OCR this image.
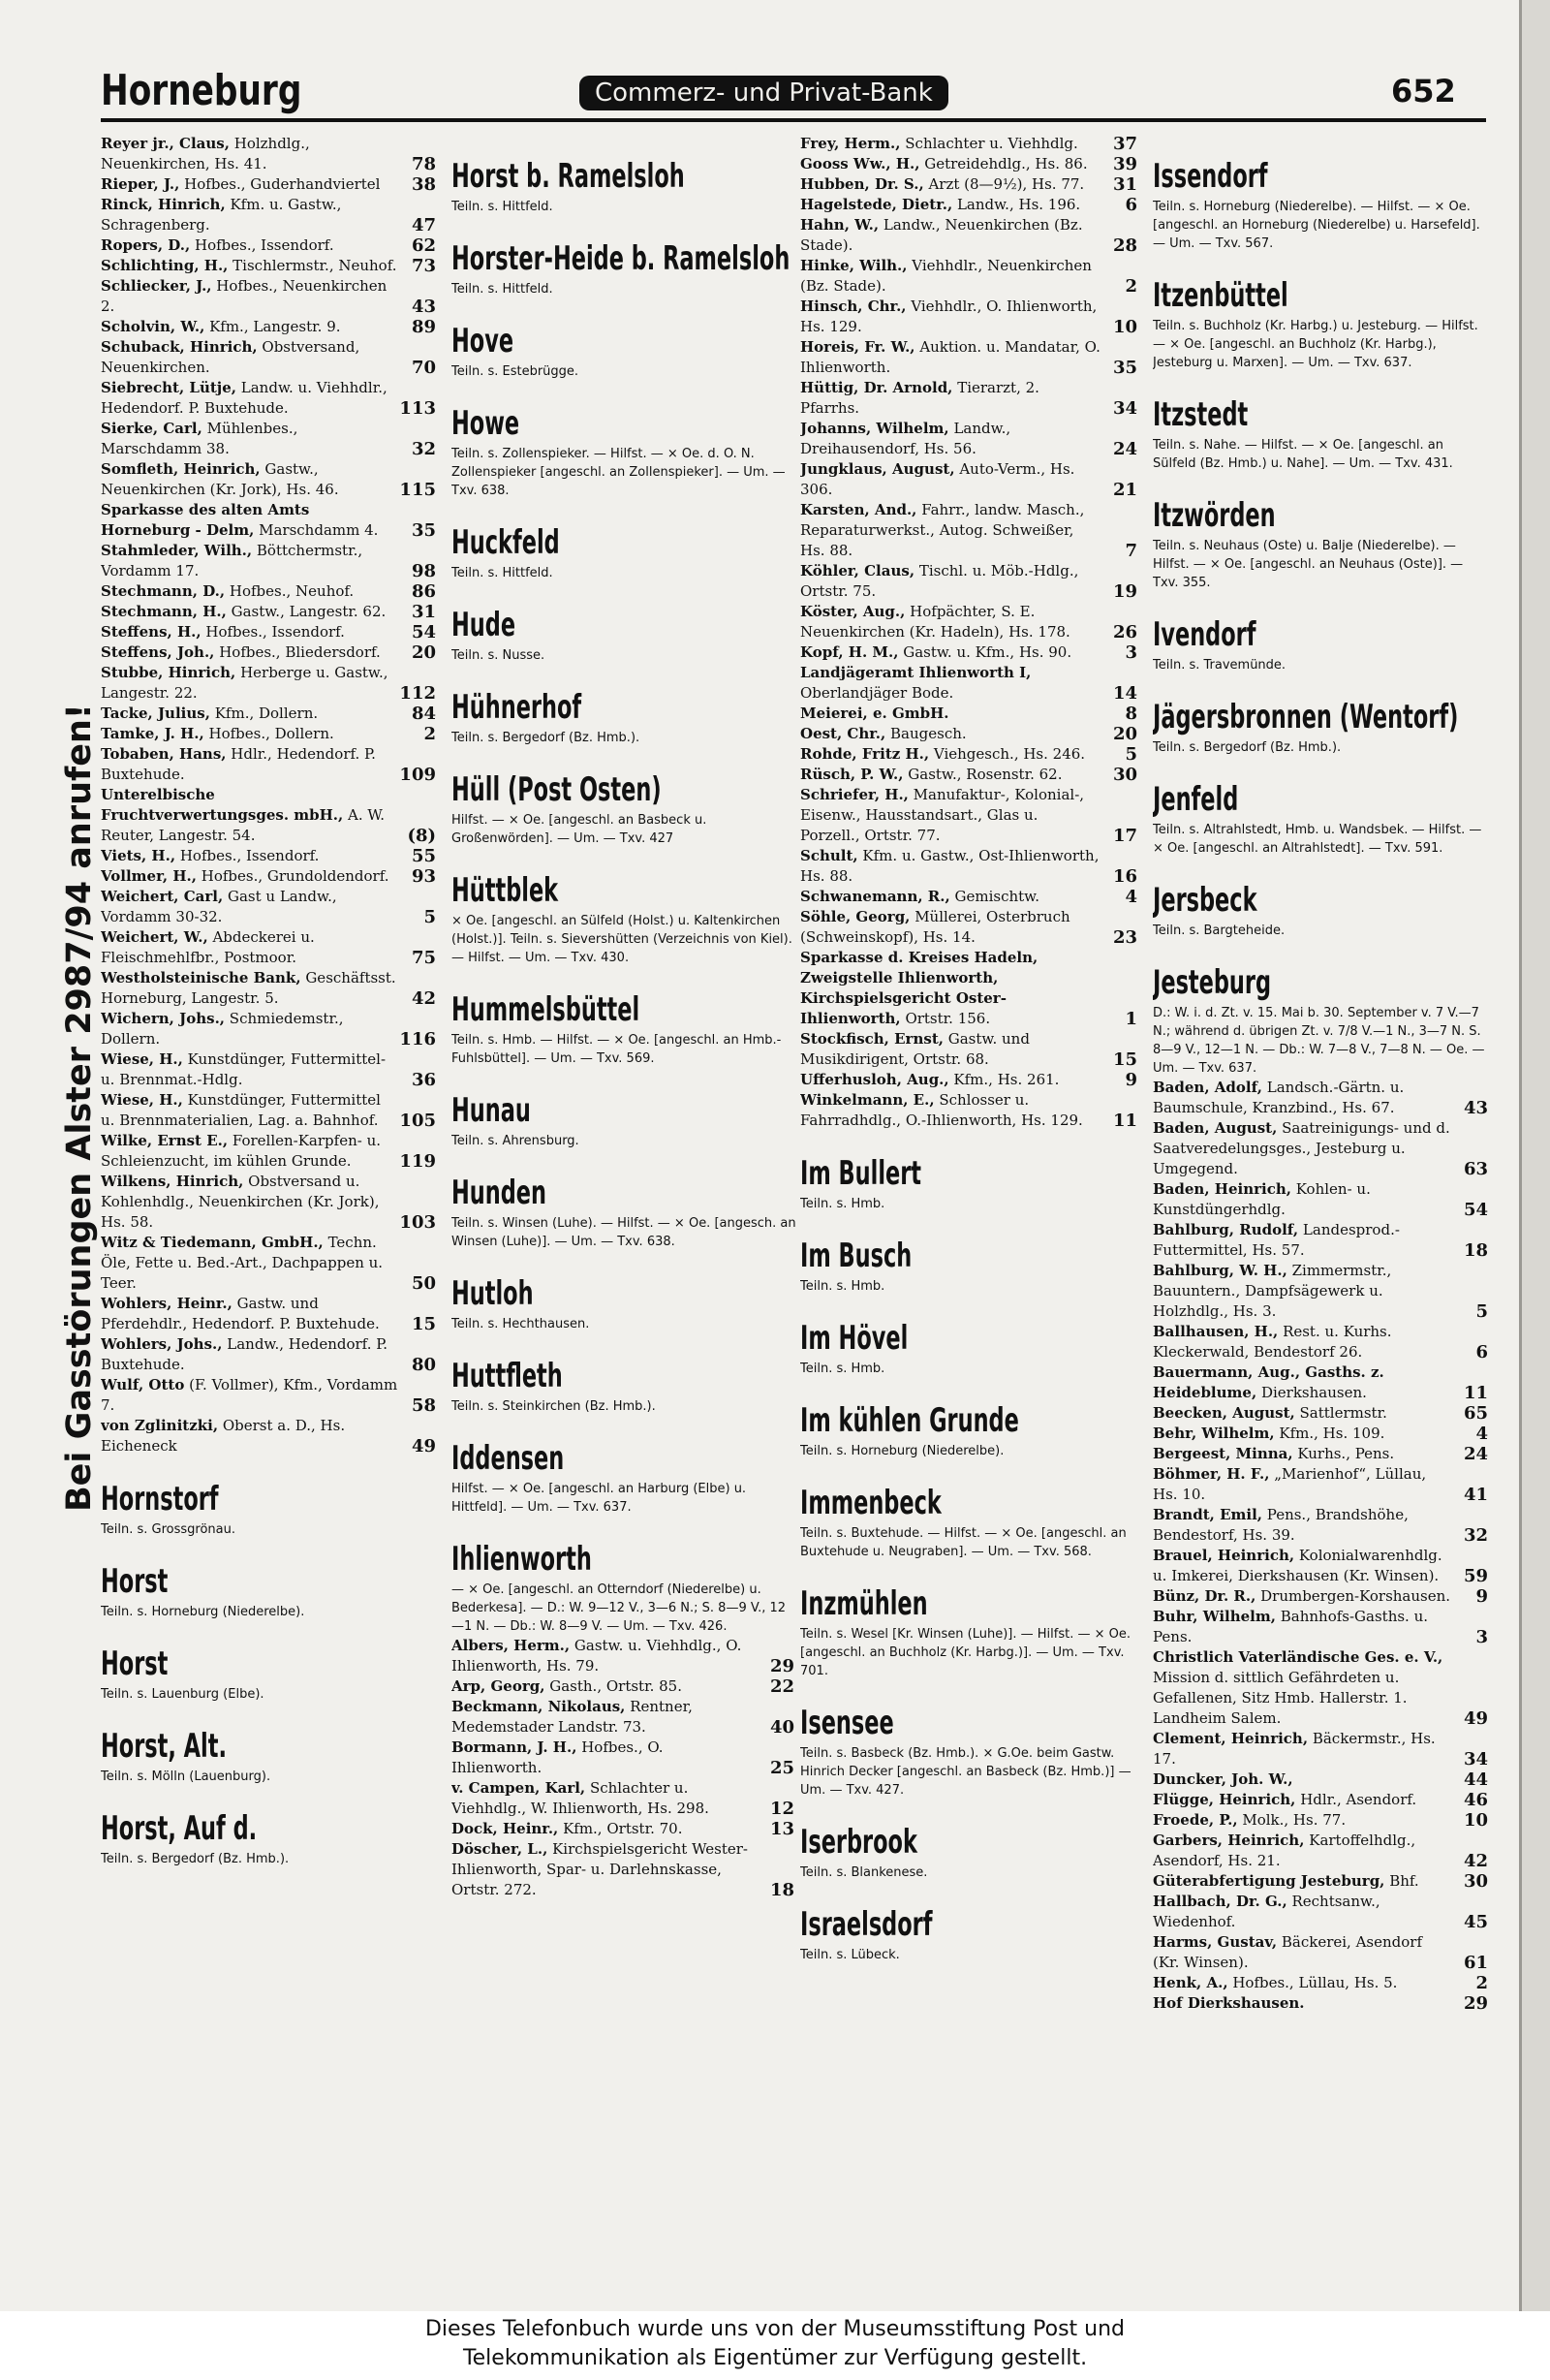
Horneburg	Commerz- und Privat-Bank	652
Bei Gasstörungen Alster 2987/94 anrufen!
Reyer jr., Claus, Holzhdlg., Neuenkirchen, Hs. 41.	78
Rieper, J., Hofbes., Guderhandviertel 38
Rinck, Hinrich, Kfm. u. Gastw., Schragenberg.	47
Ropers, D., Hofbes., Issendorf.	62
Schlichting, H., Tischlermstr., Neuhof. 73
Schliecker, J., Hofbes., Neuenkirchen 2.	43
Scholvin, W., Kfm., Langestr. 9.	89
Schuback, Hinrich, Obstversand, Neuenkirchen.	70
Siebrecht, Lütje, Landw. u. Viehhdlr., Hedendorf. P. Buxtehude.	113
Sierke, Carl, Mühlenbes., Marschdamm 38.	32
Somfleth, Heinrich, Gastw., Neuenkirchen (Kr. Jork), Hs. 46.	115
Sparkasse des alten Amts Horneburg - Delm, Marschdamm 4. 35
Stahmleder, Wilh., Böttchermstr., Vordamm 17.	98
Stechmann, D., Hofbes., Neuhof.	86
Stechmann, H., Gastw., Langestr. 62. 31
Steffens, H., Hofbes., Issendorf.	54
Steffens, Joh., Hofbes., Bliedersdorf. 20
Stubbe, Hinrich, Herberge u. Gastw., Langestr. 22.	112
Tacke, Julius, Kfm., Dollern.	84
Tamke, J. H., Hofbes., Dollern.	2
Tobaben, Hans, Hdlr., Hedendorf. P. Buxtehude.	109
Unterelbische Fruchtverwertungsges. mbH., A. W. Reuter, Langestr. 54.	(8)
Viets, H., Hofbes., Issendorf.	55
Vollmer, H., Hofbes., Grundoldendorf. 93
Weichert, Carl, Gast u Landw., Vordamm 30-32.	5
Weichert, W., Abdeckerei u. Fleischmehlfbr., Postmoor.	75
Westholsteinische Bank, Geschäftsst. Horneburg, Langestr. 5.	42
Wichern, Johs., Schmiedemstr., Dollern.	116
Wiese, H., Kunstdünger, Futtermittel- u. Brennmat.-Hdlg.	36
Wiese, H., Kunstdünger, Futtermittel u. Brennmaterialien, Lag. a. Bahnhof. 105
Wilke, Ernst E., Forellen-Karpfen- u. Schleienzucht, im kühlen Grunde.	119
Wilkens, Hinrich, Obstversand u. Kohlenhdlg., Neuenkirchen (Kr. Jork), Hs. 58.	103
Witz & Tiedemann, GmbH., Techn. Öle, Fette u. Bed.-Art., Dachpappen u. Teer.	50
Wohlers, Heinr., Gastw. und Pferdehdlr., Hedendorf. P. Buxtehude. 15
Wohlers, Johs., Landw., Hedendorf. P. Buxtehude.	80
Wulf, Otto (F. Vollmer), Kfm., Vordamm 7.	58
von Zglinitzki, Oberst a. D., Hs. Eicheneck	49
Hornstorf
Teiln. s. Grossgrönau.
Horst
Teiln. s. Horneburg (Niederelbe).
Horst
Teiln. s. Lauenburg (Elbe).
Horst, Alt.
Teiln. s. Mölln (Lauenburg).
Horst, Auf d.
Teiln. s. Bergedorf (Bz. Hmb.).
Horst b. Ramelsloh
Teiln. s. Hittfeld.
Horster-Heide b. Ramelsloh
Teiln. s. Hittfeld.
Hove
Teiln. s. Estebrügge.
Howe
Teiln. s. Zollenspieker. — Hilfst. — × Oe. d. O. N. Zollenspieker [angeschl. an Zollenspieker]. — Um. — Txv. 638.
Huckfeld
Teiln. s. Hittfeld.
Hude
Teiln. s. Nusse.
Hühnerhof
Teiln. s. Bergedorf (Bz. Hmb.).
Hüll (Post Osten)
Hilfst. — × Oe. [angeschl. an Basbeck u. Großenwörden]. — Um. — Txv. 427
Hüttblek
× Oe. [angeschl. an Sülfeld (Holst.) u. Kaltenkirchen (Holst.)]. Teiln. s. Sievershütten (Verzeichnis von Kiel). — Hilfst. — Um. — Txv. 430.
Hummelsbüttel
Teiln. s. Hmb. — Hilfst. — × Oe. [angeschl. an Hmb.-Fuhlsbüttel]. — Um. — Txv. 569.
Hunau
Teiln. s. Ahrensburg.
Hunden
Teiln. s. Winsen (Luhe). — Hilfst. — × Oe. [angesch. an Winsen (Luhe)]. — Um. — Txv. 638.
Hutloh
Teiln. s. Hechthausen.
Huttfleth
Teiln. s. Steinkirchen (Bz. Hmb.).
Iddensen
Hilfst. — × Oe. [angeschl. an Harburg (Elbe) u. Hittfeld]. — Um. — Txv. 637.
Ihlienworth
— × Oe. [angeschl. an Otterndorf (Niederelbe) u. Bederkesa]. — D.: W. 9—12 V., 3—6 N.; S. 8—9 V., 12—1 N. — Db.: W. 8—9 V. — Um. — Txv. 426.
Albers, Herm., Gastw. u. Viehhdlg., O. Ihlienworth, Hs. 79.	29
Arp, Georg, Gasth., Ortstr. 85.	22
Beckmann, Nikolaus, Rentner, Medemstader Landstr. 73.	40
Bormann, J. H., Hofbes., O. Ihlienworth.	25
v. Campen, Karl, Schlachter u. Viehhdlg., W. Ihlienworth, Hs. 298.	12
Dock, Heinr., Kfm., Ortstr. 70.	13
Döscher, L., Kirchspielsgericht Wester-Ihlienworth, Spar- u. Darlehnskasse, Ortstr. 272.	18
Frey, Herm., Schlachter u. Viehhdlg. 37
Gooss Ww., H., Getreidehdlg., Hs. 86. 39
Hubben, Dr. S., Arzt (8—9½), Hs. 77. 31
Hagelstede, Dietr., Landw., Hs. 196.	6
Hahn, W., Landw., Neuenkirchen (Bz. Stade).	28
Hinke, Wilh., Viehhdlr., Neuenkirchen (Bz. Stade).	2
Hinsch, Chr., Viehhdlr., O. Ihlienworth, Hs. 129.	10
Horeis, Fr. W., Auktion. u. Mandatar, O. Ihlienworth.	35
Hüttig, Dr. Arnold, Tierarzt, 2. Pfarrhs.	34
Johanns, Wilhelm, Landw., Dreihausendorf, Hs. 56.	24
Jungklaus, August, Auto-Verm., Hs. 306.	21
Karsten, And., Fahrr., landw. Masch., Reparaturwerkst., Autog. Schweißer, Hs. 88.	7
Köhler, Claus, Tischl. u. Möb.-Hdlg., Ortstr. 75.	19
Köster, Aug., Hofpächter, S. E. Neuenkirchen (Kr. Hadeln), Hs. 178. 26
Kopf, H. M., Gastw. u. Kfm., Hs. 90.	3
Landjägeramt Ihlienworth I, Oberlandjäger Bode.	14
Meierei, e. GmbH.	8
Oest, Chr., Baugesch.	20
Rohde, Fritz H., Viehgesch., Hs. 246. 5
Rüsch, P. W., Gastw., Rosenstr. 62.	30
Schriefer, H., Manufaktur-, Kolonial-, Eisenw., Hausstandsart., Glas u. Porzell., Ortstr. 77.	17
Schult, Kfm. u. Gastw., Ost-Ihlienworth, Hs. 88.	16
Schwanemann, R., Gemischtw.	4
Söhle, Georg, Müllerei, Osterbruch (Schweinskopf), Hs. 14.	23
Sparkasse d. Kreises Hadeln, Zweigstelle Ihlienworth, Kirchspielsgericht Oster-Ihlienworth, Ortstr. 156.	1
Stockfisch, Ernst, Gastw. und Musikdirigent, Ortstr. 68.	15
Ufferhusloh, Aug., Kfm., Hs. 261.	9
Winkelmann, E., Schlosser u. Fahrradhdlg., O.-Ihlienworth, Hs. 129. 11
Im Bullert
Teiln. s. Hmb.
Im Busch
Teiln. s. Hmb.
Im Hövel
Teiln. s. Hmb.
Im kühlen Grunde
Teiln. s. Horneburg (Niederelbe).
Immenbeck
Teiln. s. Buxtehude. — Hilfst. — × Oe. [angeschl. an Buxtehude u. Neugraben]. — Um. — Txv. 568.
Inzmühlen
Teiln. s. Wesel [Kr. Winsen (Luhe)]. — Hilfst. — × Oe. [angeschl. an Buchholz (Kr. Harbg.)]. — Um. — Txv. 701.
Isensee
Teiln. s. Basbeck (Bz. Hmb.). × G.Oe. beim Gastw. Hinrich Decker [angeschl. an Basbeck (Bz. Hmb.)] — Um. — Txv. 427.
Iserbrook
Teiln. s. Blankenese.
Israelsdorf
Teiln. s. Lübeck.
Issendorf
Teiln. s. Horneburg (Niederelbe). — Hilfst. — × Oe. [angeschl. an Horneburg (Niederelbe) u. Harsefeld]. — Um. — Txv. 567.
Itzenbüttel
Teiln. s. Buchholz (Kr. Harbg.) u. Jesteburg. — Hilfst. — × Oe. [angeschl. an Buchholz (Kr. Harbg.), Jesteburg u. Marxen]. — Um. — Txv. 637.
Itzstedt
Teiln. s. Nahe. — Hilfst. — × Oe. [angeschl. an Sülfeld (Bz. Hmb.) u. Nahe]. — Um. — Txv. 431.
Itzwörden
Teiln. s. Neuhaus (Oste) u. Balje (Niederelbe). — Hilfst. — × Oe. [angeschl. an Neuhaus (Oste)]. — Txv. 355.
Ivendorf
Teiln. s. Travemünde.
Jägersbronnen (Wentorf)
Teiln. s. Bergedorf (Bz. Hmb.).
Jenfeld
Teiln. s. Altrahlstedt, Hmb. u. Wandsbek. — Hilfst. — × Oe. [angeschl. an Altrahlstedt]. — Txv. 591.
Jersbeck
Teiln. s. Bargteheide.
Jesteburg
D.: W. i. d. Zt. v. 15. Mai b. 30. September v. 7 V.—7 N.; während d. übrigen Zt. v. 7/8 V.—1 N., 3—7 N. S. 8—9 V., 12—1 N. — Db.: W. 7—8 V., 7—8 N. — Oe. — Um. — Txv. 637.
Baden, Adolf, Landsch.-Gärtn. u. Baumschule, Kranzbind., Hs. 67.	43
Baden, August, Saatreinigungs- und d. Saatveredelungsges., Jesteburg u. Umgegend.	63
Baden, Heinrich, Kohlen- u. Kunstdüngerhdlg.	54
Bahlburg, Rudolf, Landesprod.-Futtermittel, Hs. 57.	18
Bahlburg, W. H., Zimmermstr., Bauuntern., Dampfsägewerk u. Holzhdlg., Hs. 3.	5
Ballhausen, H., Rest. u. Kurhs. Kleckerwald, Bendestorf 26.	6
Bauermann, Aug., Gasths. z. Heideblume, Dierkshausen.	11
Beecken, August, Sattlermstr.	65
Behr, Wilhelm, Kfm., Hs. 109.	4
Bergeest, Minna, Kurhs., Pens.	24
Böhmer, H. F., „Marienhof“, Lüllau, Hs. 10.	41
Brandt, Emil, Pens., Brandshöhe, Bendestorf, Hs. 39.	32
Brauel, Heinrich, Kolonialwarenhdlg. u. Imkerei, Dierkshausen (Kr. Winsen). 59
Bünz, Dr. R., Drumbergen-Korshausen. 9
Buhr, Wilhelm, Bahnhofs-Gasths. u. Pens.	3
Christlich Vaterländische Ges. e. V., Mission d. sittlich Gefährdeten u. Gefallenen, Sitz Hmb. Hallerstr. 1. Landheim Salem.	49
Clement, Heinrich, Bäckermstr., Hs. 17.	34
Duncker, Joh. W.,	44
Flügge, Heinrich, Hdlr., Asendorf.	46
Froede, P., Molk., Hs. 77.	10
Garbers, Heinrich, Kartoffelhdlg., Asendorf, Hs. 21.	42
Güterabfertigung Jesteburg, Bhf.	30
Hallbach, Dr. G., Rechtsanw., Wiedenhof.	45
Harms, Gustav, Bäckerei, Asendorf (Kr. Winsen).	61
Henk, A., Hofbes., Lüllau, Hs. 5.	2
Hof Dierkshausen.	29
Dieses Telefonbuch wurde uns von der Museumsstiftung Post und
Telekommunikation als Eigentümer zur Verfügung gestellt.
